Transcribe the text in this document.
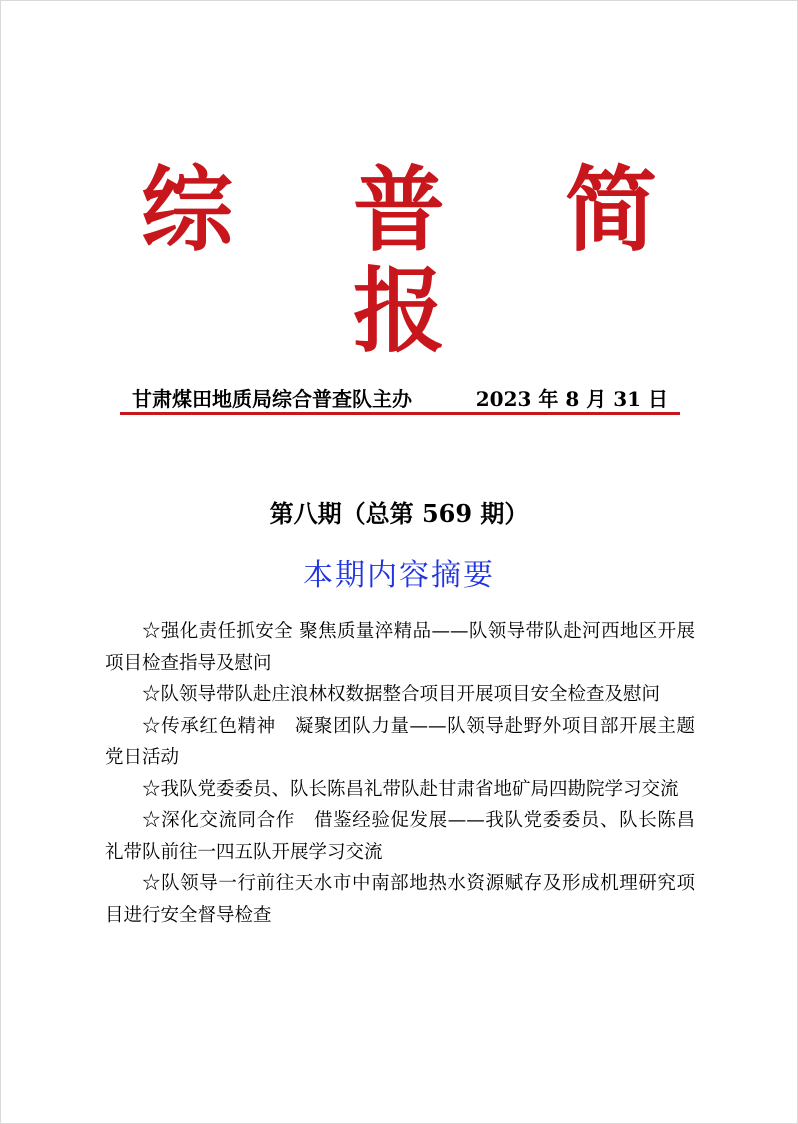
综 普 简 报
甘肃煤田地质局综合普查队主办	2023 年 8 月 31 日
第八期（总第 569 期）
本期内容摘要

☆强化责任抓安全 聚焦质量淬精品——队领导带队赴河西地区开展项目检查指导及慰问

☆队领导带队赴庄浪林权数据整合项目开展项目安全检查及慰问

☆传承红色精神　凝聚团队力量——队领导赴野外项目部开展主题党日活动

☆我队党委委员、队长陈昌礼带队赴甘肃省地矿局四勘院学习交流

☆深化交流同合作　借鉴经验促发展——我队党委委员、队长陈昌礼带队前往一四五队开展学习交流

☆队领导一行前往天水市中南部地热水资源赋存及形成机理研究项目进行安全督导检查
